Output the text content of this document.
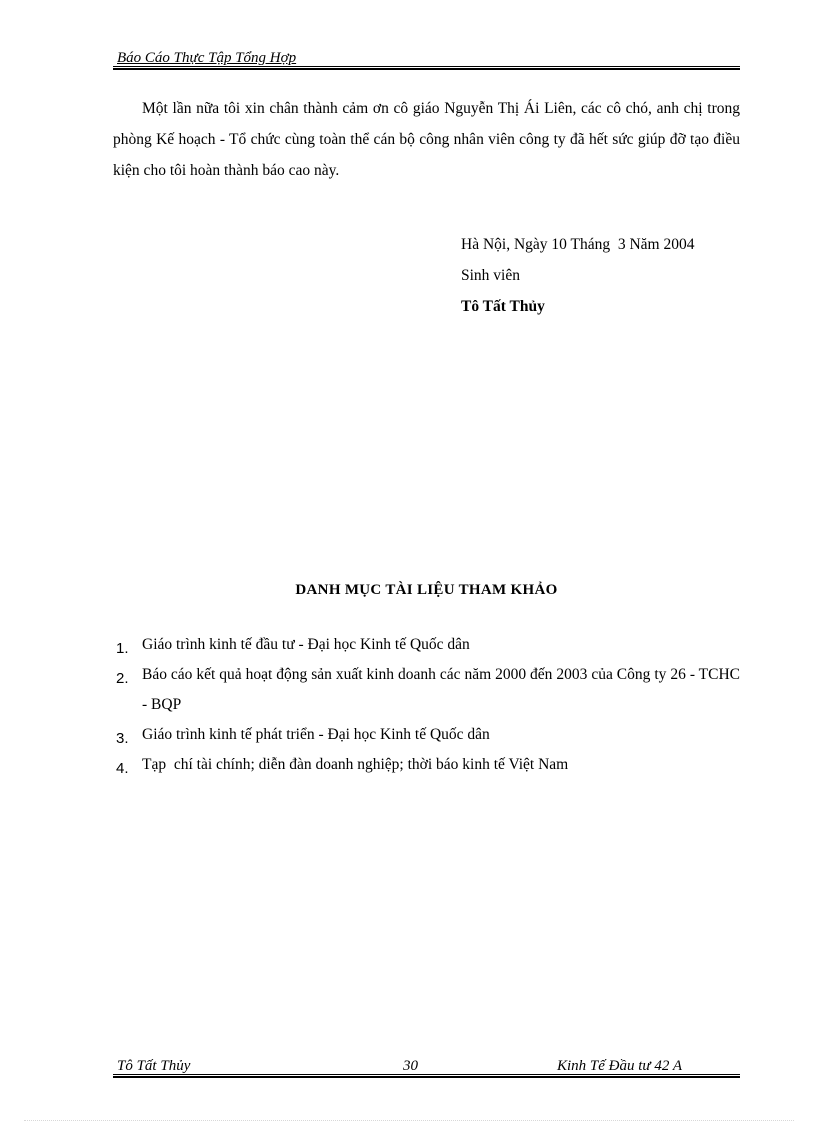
Báo Cáo Thực Tập Tổng Hợp

Một lần nữa tôi xin chân thành cảm ơn cô giáo Nguyễn Thị Ái Liên, các cô chó, anh chị trong phòng Kế hoạch - Tổ chức cùng toàn thể cán bộ công nhân viên công ty đã hết sức giúp đỡ tạo điều kiện cho tôi hoàn thành báo cao này.

Hà Nội, Ngày 10 Tháng  3 Năm 2004
Sinh viên
Tô Tất Thủy
DANH MỤC TÀI LIỆU THAM KHẢO
1. Giáo trình kinh tế đầu tư - Đại học Kinh tế Quốc dân
2. Báo cáo kết quả hoạt động sản xuất kinh doanh các năm 2000 đến 2003 của Công ty 26 - TCHC  - BQP
3. Giáo trình kinh tế phát triển - Đại học Kinh tế Quốc dân
4. Tạp  chí tài chính; diễn đàn doanh nghiệp; thời báo kinh tế Việt Nam
Tô Tất Thủy	30	Kinh Tế Đầu tư 42 A
